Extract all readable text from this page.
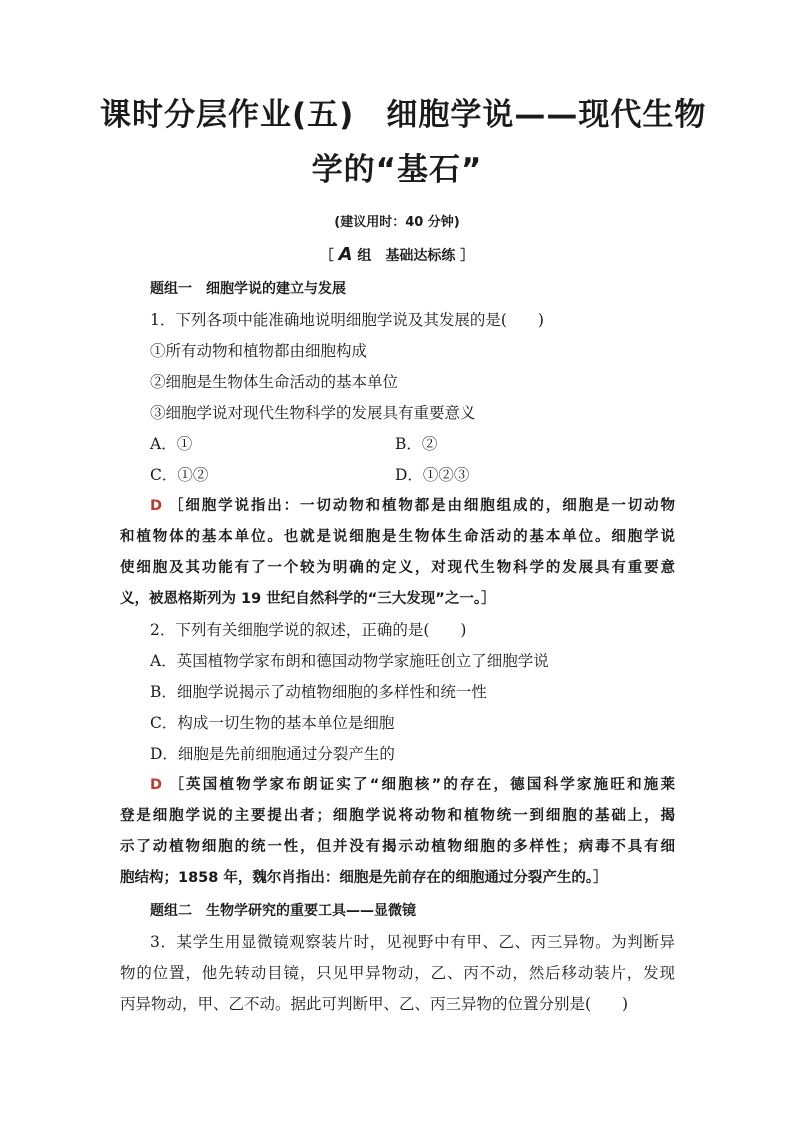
课时分层作业(五)　细胞学说——现代生物
学的“基石”
(建议用时：40 分钟)
［ A 组　基础达标练 ］
题组一　细胞学说的建立与发展
1．下列各项中能准确地说明细胞学说及其发展的是(　　)
①所有动物和植物都由细胞构成
②细胞是生物体生命活动的基本单位
③细胞学说对现代生物科学的发展具有重要意义
A．①	B．②
C．①②	D．①②③
D ［细胞学说指出：一切动物和植物都是由细胞组成的，细胞是一切动物
和植物体的基本单位。也就是说细胞是生物体生命活动的基本单位。细胞学说
使细胞及其功能有了一个较为明确的定义，对现代生物科学的发展具有重要意
义，被恩格斯列为 19 世纪自然科学的“三大发现”之一。］
2．下列有关细胞学说的叙述，正确的是(　　)
A．英国植物学家布朗和德国动物学家施旺创立了细胞学说
B．细胞学说揭示了动植物细胞的多样性和统一性
C．构成一切生物的基本单位是细胞
D．细胞是先前细胞通过分裂产生的
D ［英国植物学家布朗证实了“细胞核”的存在，德国科学家施旺和施莱
登是细胞学说的主要提出者；细胞学说将动物和植物统一到细胞的基础上，揭
示了动植物细胞的统一性，但并没有揭示动植物细胞的多样性；病毒不具有细
胞结构；1858 年，魏尔肖指出：细胞是先前存在的细胞通过分裂产生的。］
题组二　生物学研究的重要工具——显微镜
3．某学生用显微镜观察装片时，见视野中有甲、乙、丙三异物。为判断异
物的位置，他先转动目镜，只见甲异物动，乙、丙不动，然后移动装片，发现
丙异物动，甲、乙不动。据此可判断甲、乙、丙三异物的位置分别是(　　)
